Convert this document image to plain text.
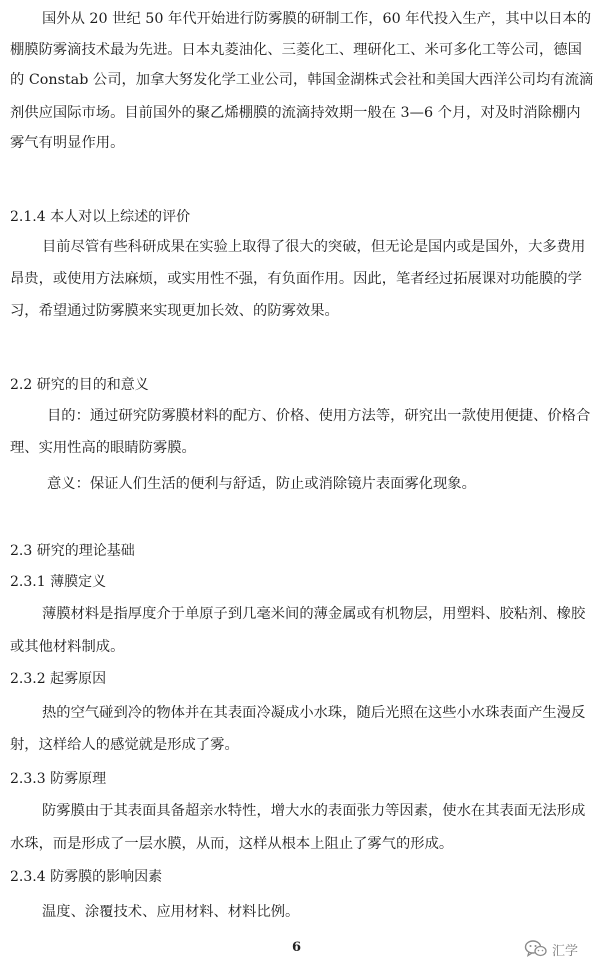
国外从 20 世纪 50 年代开始进行防雾膜的研制工作，60 年代投入生产，其中以日本的
棚膜防雾滴技术最为先进。日本丸菱油化、三菱化工、理研化工、米可多化工等公司，德国
的 Constab 公司，加拿大努发化学工业公司，韩国金湖株式会社和美国大西洋公司均有流滴
剂供应国际市场。目前国外的聚乙烯棚膜的流滴持效期一般在 3—6 个月，对及时消除棚内
雾气有明显作用。
2.1.4 本人对以上综述的评价
目前尽管有些科研成果在实验上取得了很大的突破，但无论是国内或是国外，大多费用
昂贵，或使用方法麻烦，或实用性不强，有负面作用。因此，笔者经过拓展课对功能膜的学
习，希望通过防雾膜来实现更加长效、的防雾效果。
2.2 研究的目的和意义
目的：通过研究防雾膜材料的配方、价格、使用方法等，研究出一款使用便捷、价格合
理、实用性高的眼睛防雾膜。
意义：保证人们生活的便利与舒适，防止或消除镜片表面雾化现象。
2.3 研究的理论基础
2.3.1 薄膜定义
薄膜材料是指厚度介于单原子到几毫米间的薄金属或有机物层，用塑料、胶粘剂、橡胶
或其他材料制成。
2.3.2 起雾原因
热的空气碰到冷的物体并在其表面冷凝成小水珠，随后光照在这些小水珠表面产生漫反
射，这样给人的感觉就是形成了雾。
2.3.3 防雾原理
防雾膜由于其表面具备超亲水特性，增大水的表面张力等因素，使水在其表面无法形成
水珠，而是形成了一层水膜，从而，这样从根本上阻止了雾气的形成。
2.3.4 防雾膜的影响因素
温度、涂覆技术、应用材料、材料比例。
6	汇学
